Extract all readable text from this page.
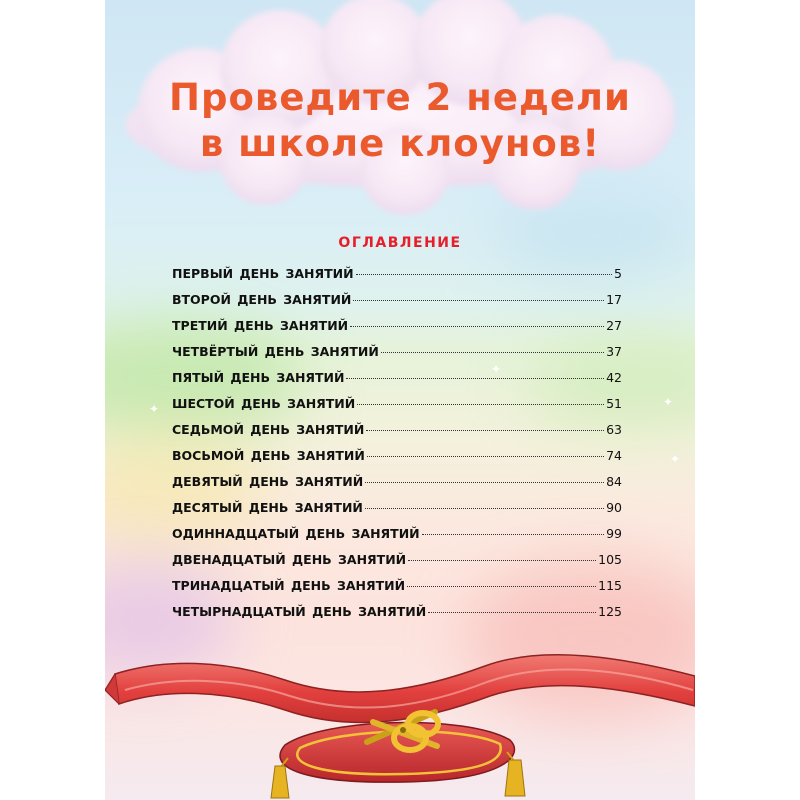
Проведите 2 недели
в школе клоунов!
оглавление
ПЕРВЫЙ ДЕНЬ ЗАНЯТИЙ	5
ВТОРОЙ ДЕНЬ ЗАНЯТИЙ	17
ТРЕТИЙ ДЕНЬ ЗАНЯТИЙ	27
ЧЕТВЁРТЫЙ ДЕНЬ ЗАНЯТИЙ	37
ПЯТЫЙ ДЕНЬ ЗАНЯТИЙ	42
ШЕСТОЙ ДЕНЬ ЗАНЯТИЙ	51
СЕДЬМОЙ ДЕНЬ ЗАНЯТИЙ	63
ВОСЬМОЙ ДЕНЬ ЗАНЯТИЙ	74
ДЕВЯТЫЙ ДЕНЬ ЗАНЯТИЙ	84
ДЕСЯТЫЙ ДЕНЬ ЗАНЯТИЙ	90
ОДИННАДЦАТЫЙ ДЕНЬ ЗАНЯТИЙ	99
ДВЕНАДЦАТЫЙ ДЕНЬ ЗАНЯТИЙ	105
ТРИНАДЦАТЫЙ ДЕНЬ ЗАНЯТИЙ	115
ЧЕТЫРНАДЦАТЫЙ ДЕНЬ ЗАНЯТИЙ	125
✦
✦
✦
✦
